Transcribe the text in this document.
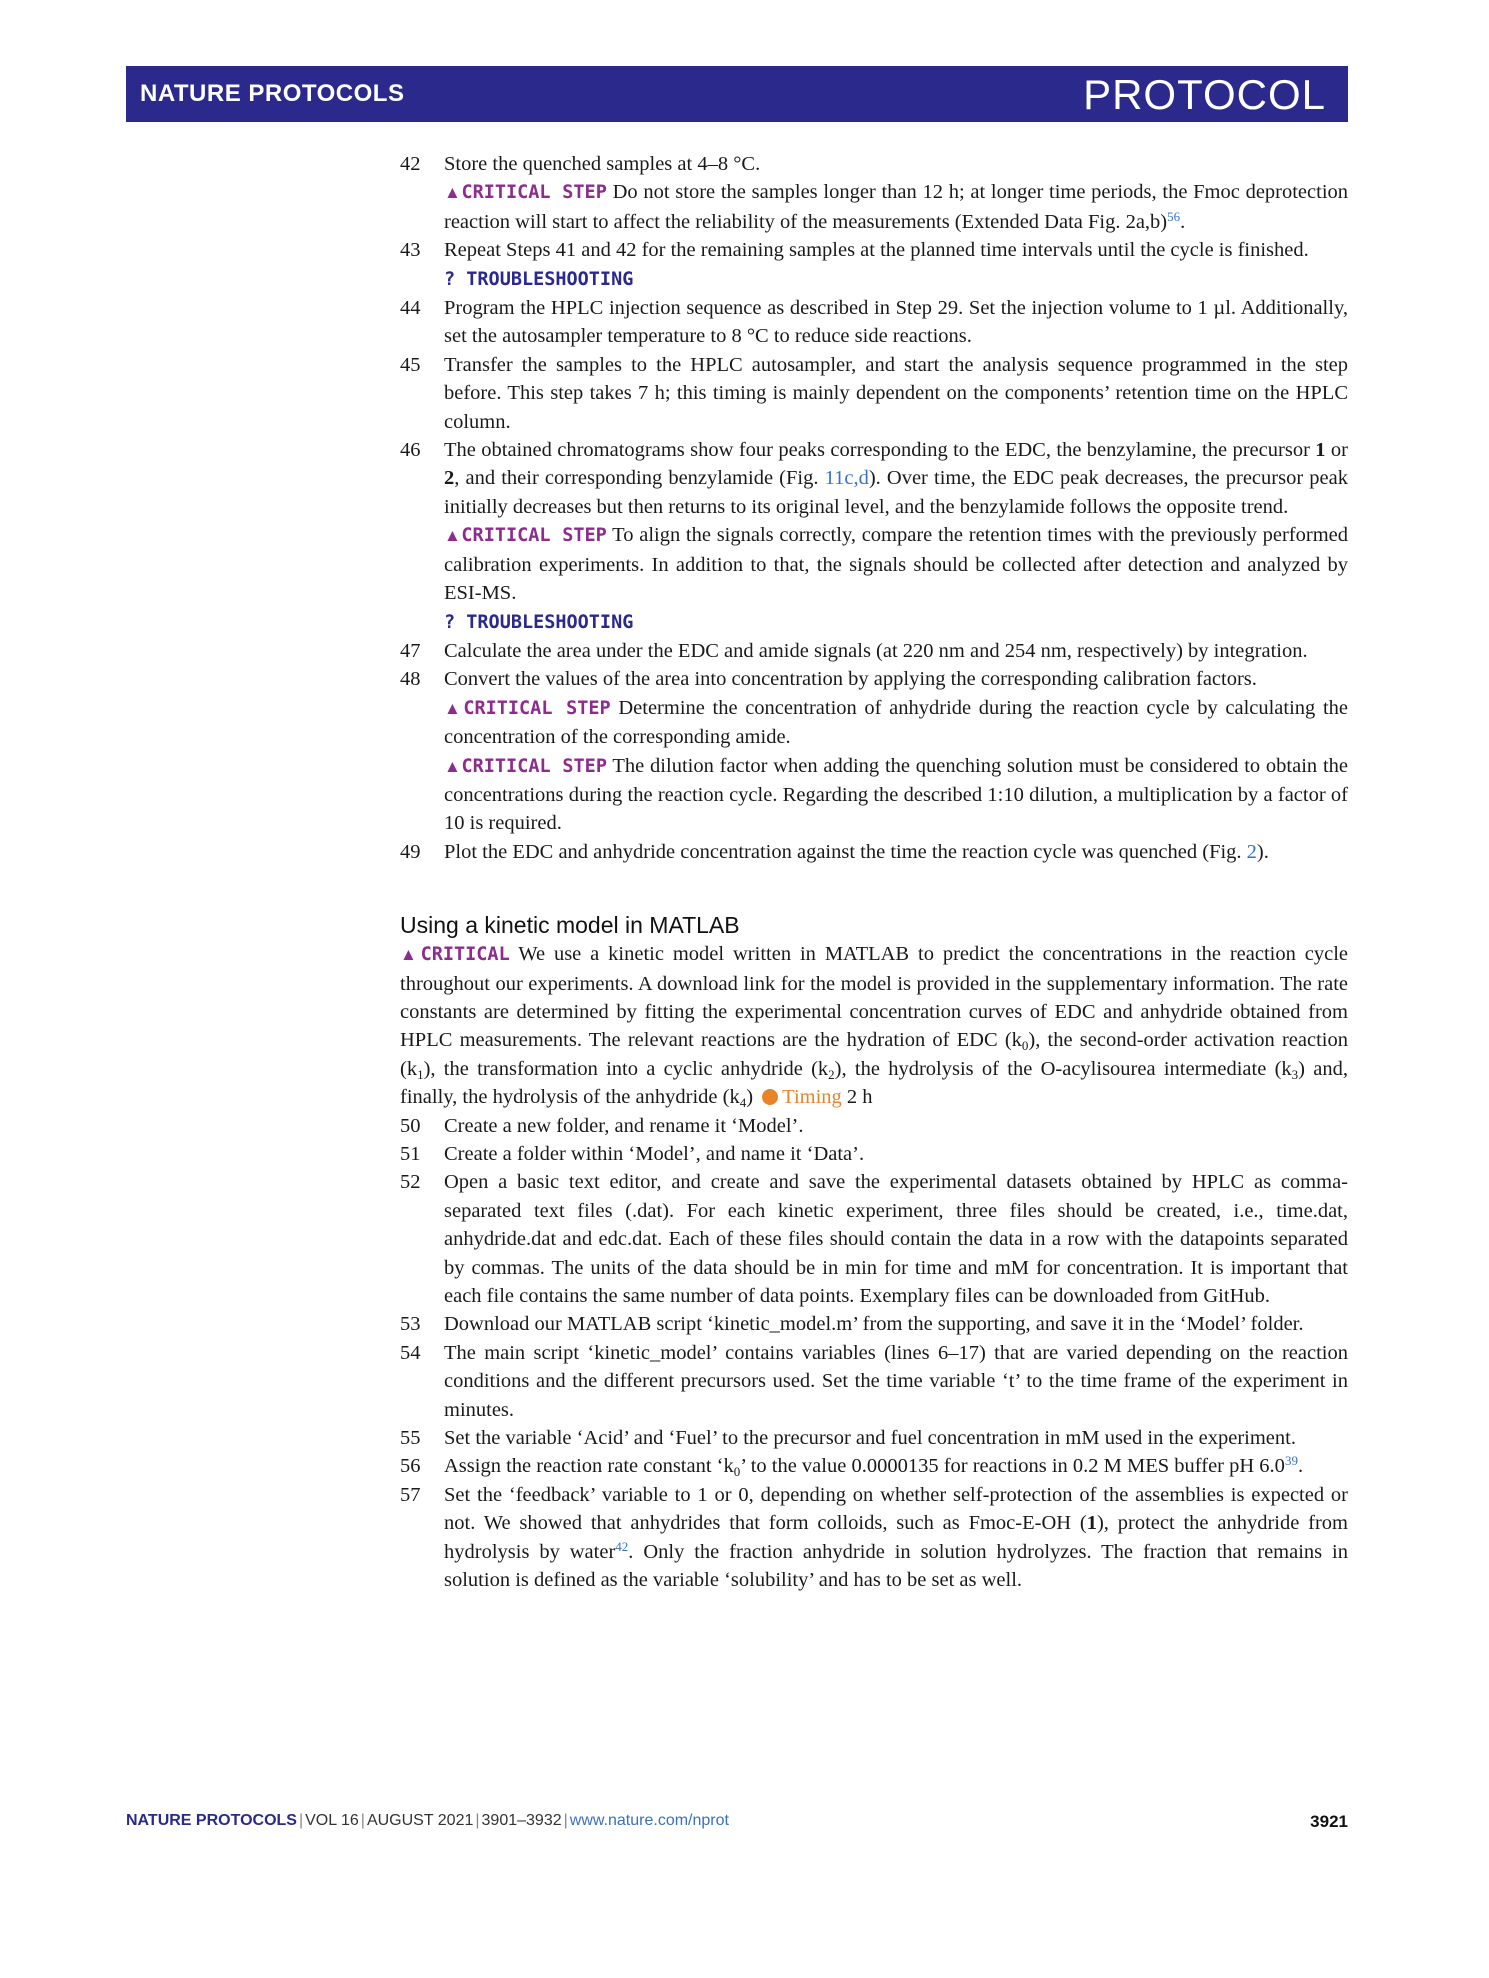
NATURE PROTOCOLS	PROTOCOL
42 Store the quenched samples at 4–8 °C.
▲CRITICAL STEP Do not store the samples longer than 12 h; at longer time periods, the Fmoc deprotection reaction will start to affect the reliability of the measurements (Extended Data Fig. 2a,b)$^{56}$.
43 Repeat Steps 41 and 42 for the remaining samples at the planned time intervals until the cycle is finished.
? TROUBLESHOOTING
44 Program the HPLC injection sequence as described in Step 29. Set the injection volume to 1 µl. Additionally, set the autosampler temperature to 8 °C to reduce side reactions.
45 Transfer the samples to the HPLC autosampler, and start the analysis sequence programmed in the step before. This step takes 7 h; this timing is mainly dependent on the components’ retention time on the HPLC column.
46 The obtained chromatograms show four peaks corresponding to the EDC, the benzylamine, the precursor 1 or 2, and their corresponding benzylamide (Fig. 11c,d). Over time, the EDC peak decreases, the precursor peak initially decreases but then returns to its original level, and the benzylamide follows the opposite trend.
▲CRITICAL STEP To align the signals correctly, compare the retention times with the previously performed calibration experiments. In addition to that, the signals should be collected after detection and analyzed by ESI-MS.
? TROUBLESHOOTING
47 Calculate the area under the EDC and amide signals (at 220 nm and 254 nm, respectively) by integration.
48 Convert the values of the area into concentration by applying the corresponding calibration factors.
▲CRITICAL STEP Determine the concentration of anhydride during the reaction cycle by calculating the concentration of the corresponding amide.
▲CRITICAL STEP The dilution factor when adding the quenching solution must be considered to obtain the concentrations during the reaction cycle. Regarding the described 1:10 dilution, a multiplication by a factor of 10 is required.
49 Plot the EDC and anhydride concentration against the time the reaction cycle was quenched (Fig. 2).
Using a kinetic model in MATLAB
▲CRITICAL We use a kinetic model written in MATLAB to predict the concentrations in the reaction cycle throughout our experiments. A download link for the model is provided in the supplementary information. The rate constants are determined by fitting the experimental concentration curves of EDC and anhydride obtained from HPLC measurements. The relevant reactions are the hydration of EDC $(k_0)$, the second-order activation reaction $(k_1)$, the transformation into a cyclic anhydride $(k_2)$, the hydrolysis of the O-acylisourea intermediate $(k_3)$ and, finally, the hydrolysis of the anhydride $(k_4)$ Timing 2 h
50 Create a new folder, and rename it ‘Model’.
51 Create a folder within ‘Model’, and name it ‘Data’.
52 Open a basic text editor, and create and save the experimental datasets obtained by HPLC as comma-separated text files (.dat). For each kinetic experiment, three files should be created, i.e., time.dat, anhydride.dat and edc.dat. Each of these files should contain the data in a row with the datapoints separated by commas. The units of the data should be in min for time and mM for concentration. It is important that each file contains the same number of data points. Exemplary files can be downloaded from GitHub.
53 Download our MATLAB script ‘kinetic_model.m’ from the supporting, and save it in the ‘Model’ folder.
54 The main script ‘kinetic_model’ contains variables (lines 6–17) that are varied depending on the reaction conditions and the different precursors used. Set the time variable ‘t’ to the time frame of the experiment in minutes.
55 Set the variable ‘Acid’ and ‘Fuel’ to the precursor and fuel concentration in mM used in the experiment.
56 Assign the reaction rate constant ‘$k_0$’ to the value 0.0000135 for reactions in 0.2 M MES buffer pH $6.0^{39}$.
57 Set the ‘feedback’ variable to 1 or 0, depending on whether self-protection of the assemblies is expected or not. We showed that anhydrides that form colloids, such as Fmoc-E-OH (1), protect the anhydride from hydrolysis by water$^{42}$. Only the fraction anhydride in solution hydrolyzes. The fraction that remains in solution is defined as the variable ‘solubility’ and has to be set as well.
NATURE PROTOCOLS | VOL 16 | AUGUST 2021 | 3901–3932 | www.nature.com/nprot	3921
